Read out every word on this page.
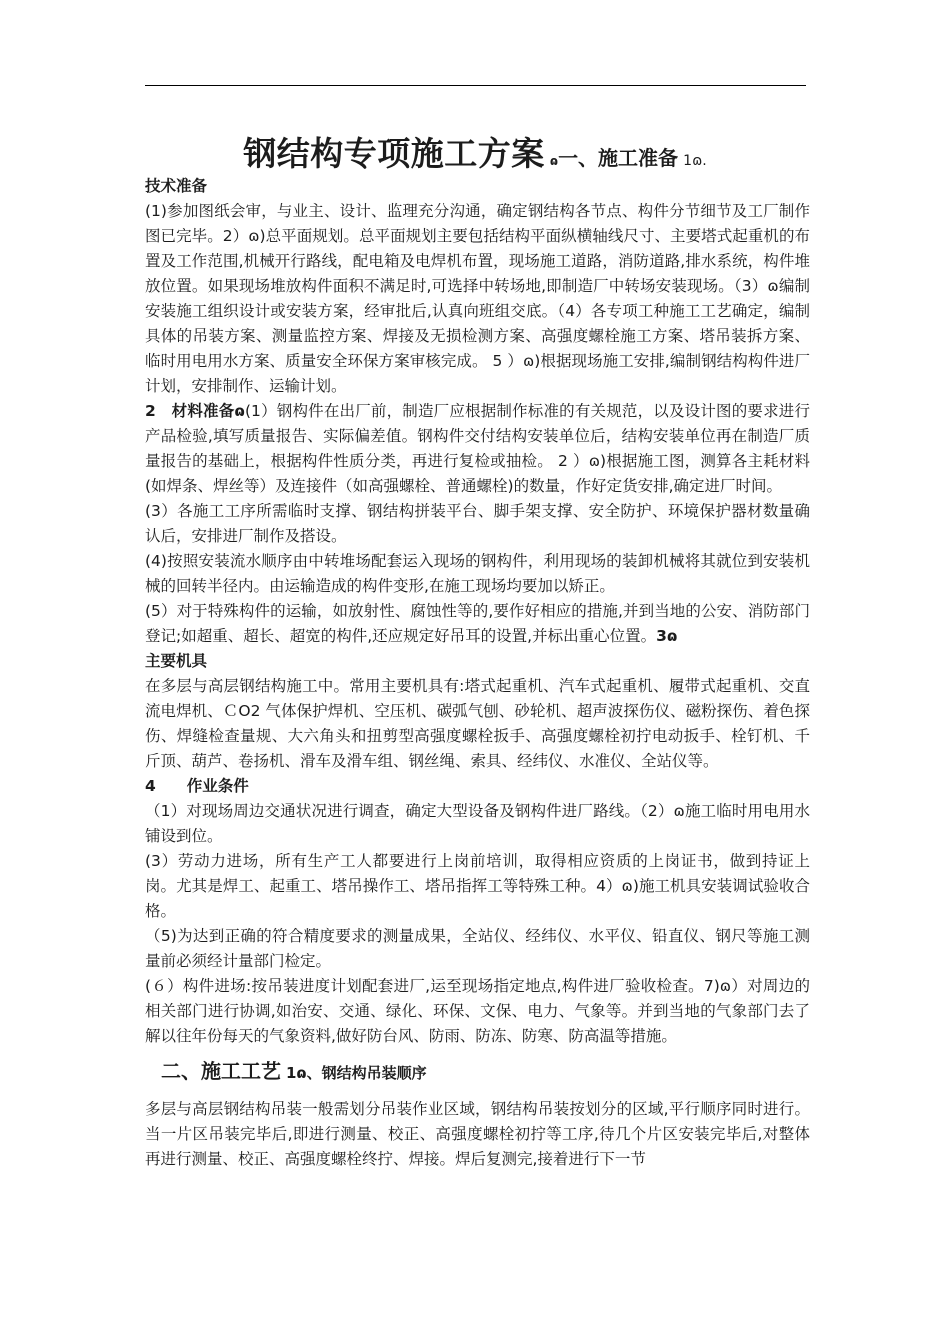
钢结构专项施工方案 ɷ一、施工准备 1ɷ.

技术准备

(1)参加图纸会审，与业主、设计、监理充分沟通，确定钢结构各节点、构件分节细节及工厂制作图已完毕。2）ɷ)总平面规划。总平面规划主要包括结构平面纵横轴线尺寸、主要塔式起重机的布置及工作范围,机械开行路线，配电箱及电焊机布置，现场施工道路，消防道路,排水系统，构件堆放位置。如果现场堆放构件面积不满足时,可选择中转场地,即制造厂中转场安装现场。（3）ɷ编制安装施工组织设计或安装方案，经审批后,认真向班组交底。（4）各专项工种施工工艺确定，编制具体的吊装方案、测量监控方案、焊接及无损检测方案、高强度螺栓施工方案、塔吊装拆方案、临时用电用水方案、质量安全环保方案审核完成。 5 ）ɷ)根据现场施工安排,编制钢结构构件进厂计划，安排制作、运输计划。

2　材料准备ɷ(1）钢构件在出厂前，制造厂应根据制作标准的有关规范，以及设计图的要求进行产品检验,填写质量报告、实际偏差值。钢构件交付结构安装单位后，结构安装单位再在制造厂质量报告的基础上，根据构件性质分类，再进行复检或抽检。 2 ）ɷ)根据施工图，测算各主耗材料(如焊条、焊丝等）及连接件（如高强螺栓、普通螺栓)的数量，作好定货安排,确定进厂时间。

(3）各施工工序所需临时支撑、钢结构拼装平台、脚手架支撑、安全防护、环境保护器材数量确认后，安排进厂制作及搭设。

(4)按照安装流水顺序由中转堆场配套运入现场的钢构件，利用现场的装卸机械将其就位到安装机械的回转半径内。由运输造成的构件变形,在施工现场均要加以矫正。

(5）对于特殊构件的运输，如放射性、腐蚀性等的,要作好相应的措施,并到当地的公安、消防部门登记;如超重、超长、超宽的构件,还应规定好吊耳的设置,并标出重心位置。3ɷ

主要机具

在多层与高层钢结构施工中。常用主要机具有:塔式起重机、汽车式起重机、履带式起重机、交直流电焊机、ＣO2 气体保护焊机、空压机、碳弧气刨、砂轮机、超声波探伤仪、磁粉探伤、着色探伤、焊缝检查量规、大六角头和扭剪型高强度螺栓扳手、高强度螺栓初拧电动扳手、栓钉机、千斤顶、葫芦、卷扬机、滑车及滑车组、钢丝绳、索具、经纬仪、水准仪、全站仪等。

4　　作业条件

（1）对现场周边交通状况进行调查，确定大型设备及钢构件进厂路线。（2）ɷ施工临时用电用水铺设到位。

(3）劳动力进场，所有生产工人都要进行上岗前培训，取得相应资质的上岗证书，做到持证上岗。尤其是焊工、起重工、塔吊操作工、塔吊指挥工等特殊工种。4）ɷ)施工机具安装调试验收合格。

（5)为达到正确的符合精度要求的测量成果，全站仪、经纬仪、水平仪、铅直仪、钢尺等施工测量前必须经计量部门检定。

(６）构件进场:按吊装进度计划配套进厂,运至现场指定地点,构件进厂验收检查。7)ɷ）对周边的相关部门进行协调,如治安、交通、绿化、环保、文保、电力、气象等。并到当地的气象部门去了解以往年份每天的气象资料,做好防台风、防雨、防冻、防寒、防高温等措施。

二、施工工艺 1ɷ、钢结构吊装顺序

多层与高层钢结构吊装一般需划分吊装作业区域，钢结构吊装按划分的区域,平行顺序同时进行。当一片区吊装完毕后,即进行测量、校正、高强度螺栓初拧等工序,待几个片区安装完毕后,对整体再进行测量、校正、高强度螺栓终拧、焊接。焊后复测完,接着进行下一节
